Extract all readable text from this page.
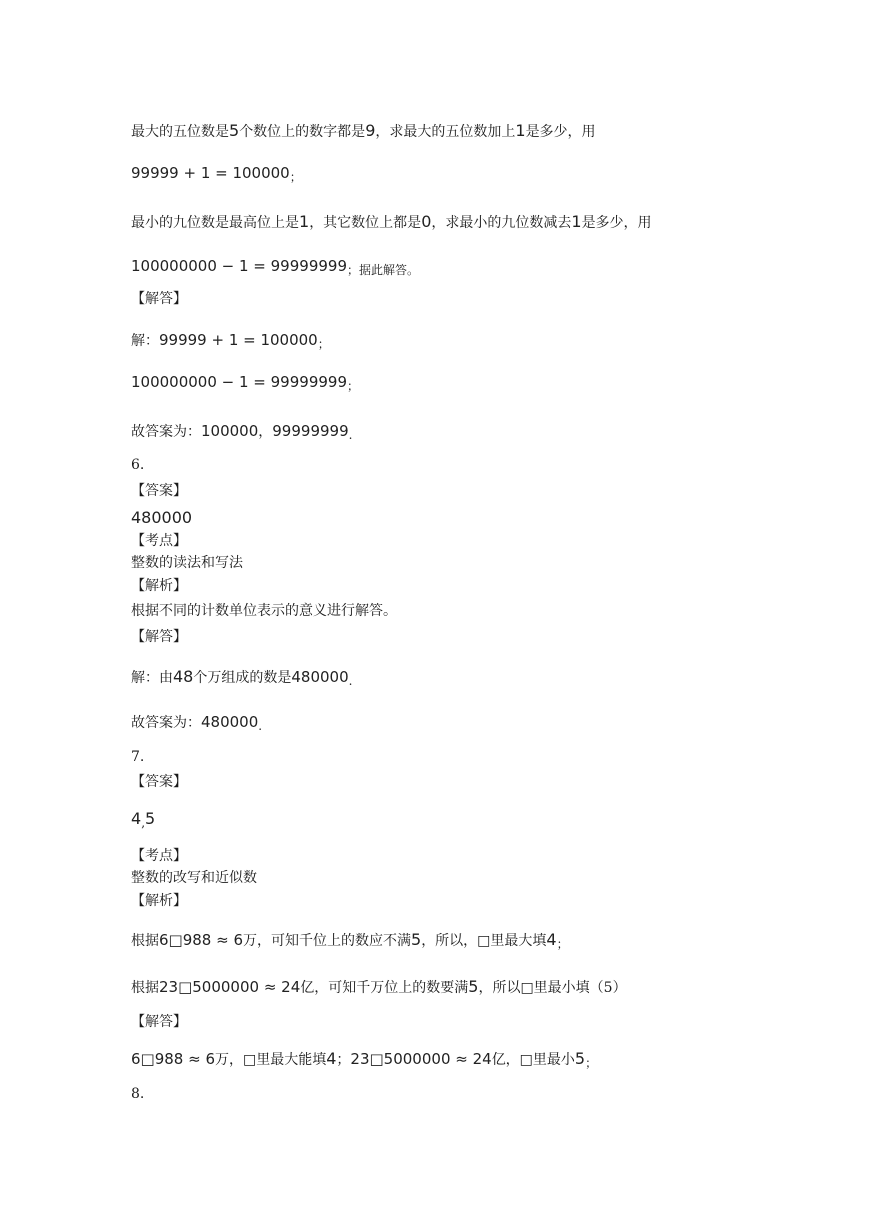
最大的五位数是5个数位上的数字都是9，求最大的五位数加上1是多少，用
99999 + 1 = 100000；
最小的九位数是最高位上是1，其它数位上都是0，求最小的九位数减去1是多少，用
100000000 − 1 = 99999999；据此解答。
【解答】
解：99999 + 1 = 100000；
100000000 − 1 = 99999999；
故答案为：100000，99999999.
6.
【答案】
480000
【考点】
整数的读法和写法
【解析】
根据不同的计数单位表示的意义进行解答。
【解答】
解：由48个万组成的数是480000.
故答案为：480000.
7.
【答案】
4,5
【考点】
整数的改写和近似数
【解析】
根据6□988 ≈ 6万，可知千位上的数应不满5，所以，□里最大填4；
根据23□5000000 ≈ 24亿，可知千万位上的数要满5，所以□里最小填（5）
【解答】
6□988 ≈ 6万，□里最大能填4；23□5000000 ≈ 24亿，□里最小5；
8.
